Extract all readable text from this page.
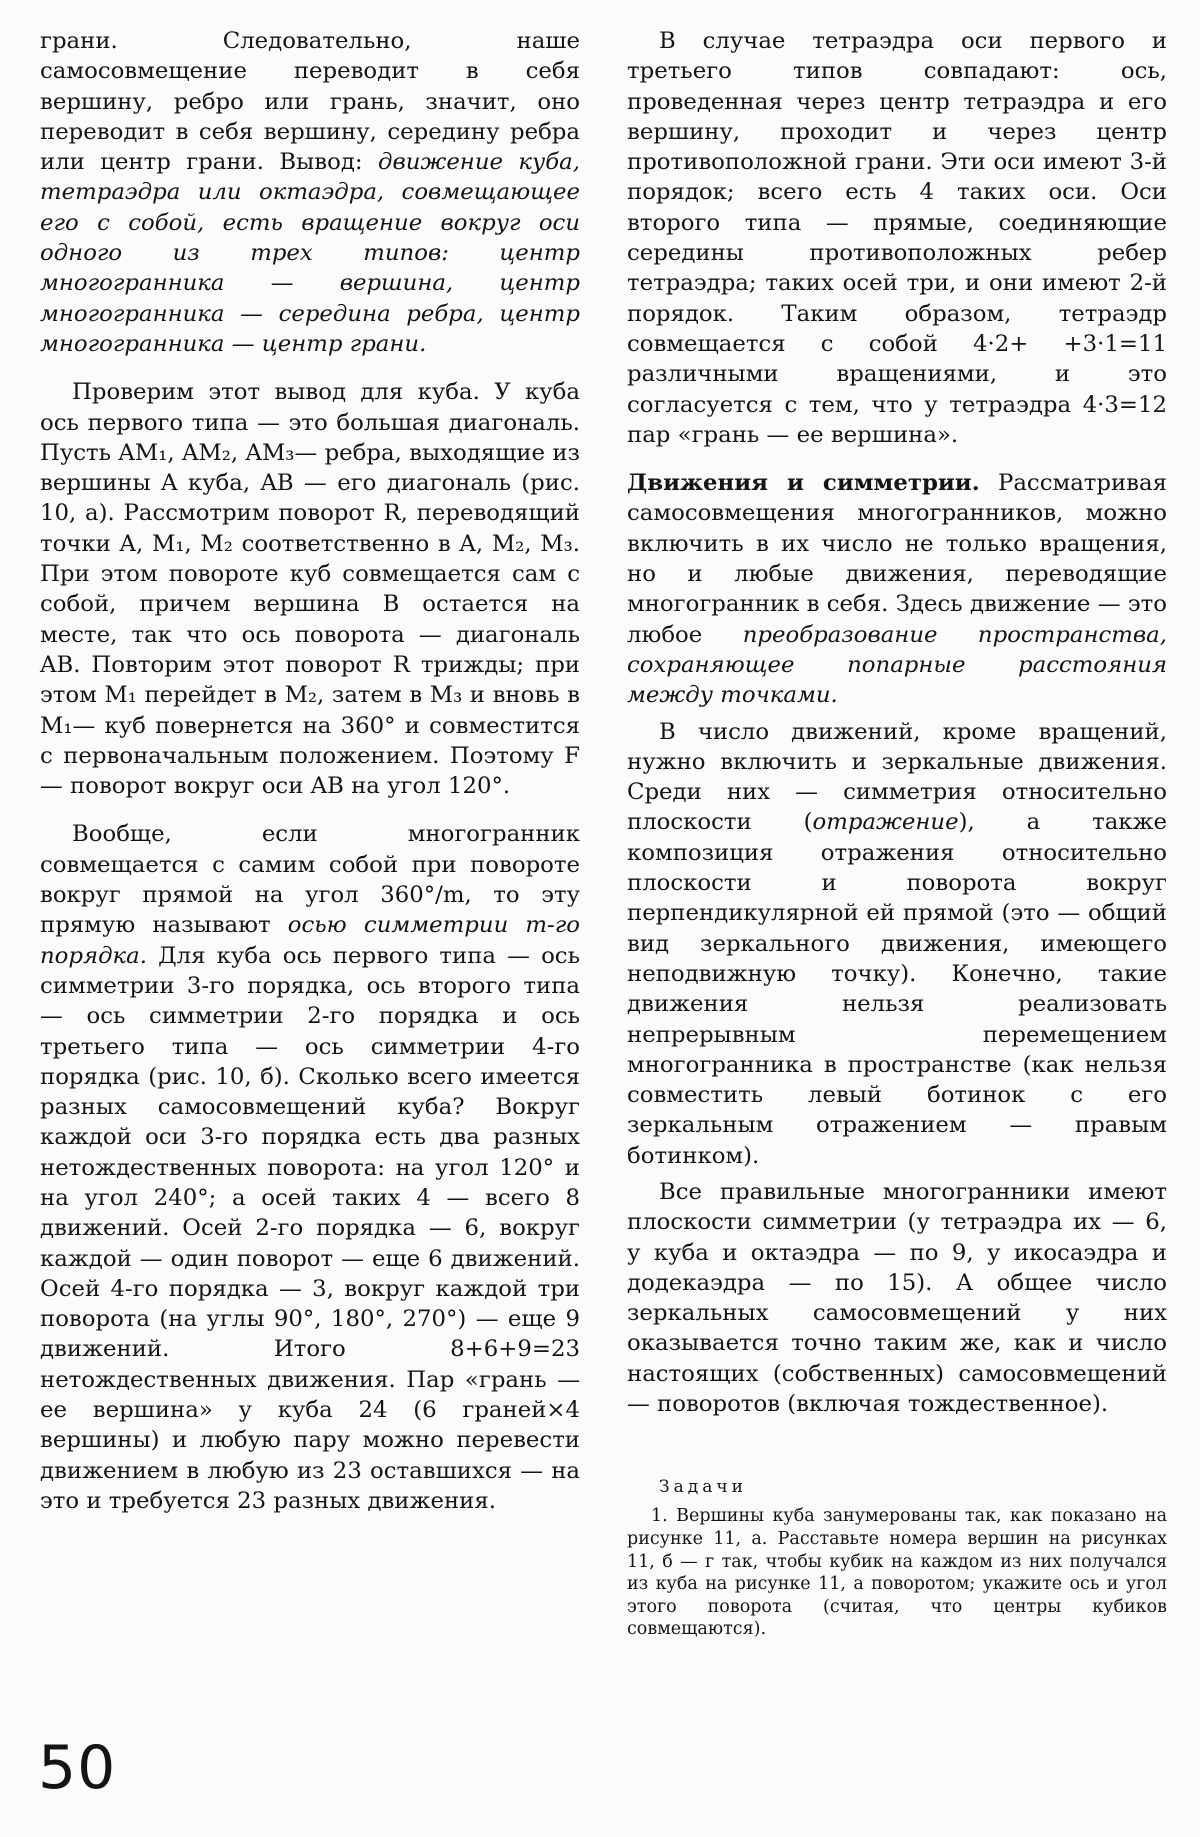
грани. Следовательно, наше самосовмещение переводит в себя вершину, ребро или грань, значит, оно переводит в себя вершину, середину ребра или центр грани. Вывод: движение куба, тетраэдра или октаэдра, совмещающее его с собой, есть вращение вокруг оси одного из трех типов: центр многогранника — вершина, центр многогранника — середина ребра, центр многогранника — центр грани.

Проверим этот вывод для куба. У куба ось первого типа — это большая диагональ. Пусть AM₁, AM₂, AM₃— ребра, выходящие из вершины A куба, AB — его диагональ (рис. 10, а). Рассмотрим поворот R, переводящий точки A, M₁, M₂ соответственно в A, M₂, M₃. При этом повороте куб совмещается сам с собой, причем вершина B остается на месте, так что ось поворота — диагональ AB. Повторим этот поворот R трижды; при этом M₁ перейдет в M₂, затем в M₃ и вновь в M₁— куб повернется на 360° и совместится с первоначальным положением. Поэтому F — поворот вокруг оси AB на угол 120°.

Вообще, если многогранник совмещается с самим собой при повороте вокруг прямой на угол 360°/m, то эту прямую называют осью симметрии m-го порядка. Для куба ось первого типа — ось симметрии 3-го порядка, ось второго типа — ось симметрии 2-го порядка и ось третьего типа — ось симметрии 4-го порядка (рис. 10, б). Сколько всего имеется разных самосовмещений куба? Вокруг каждой оси 3-го порядка есть два разных нетождественных поворота: на угол 120° и на угол 240°; а осей таких 4 — всего 8 движений. Осей 2-го порядка — 6, вокруг каждой — один поворот — еще 6 движений. Осей 4-го порядка — 3, вокруг каждой три поворота (на углы 90°, 180°, 270°) — еще 9 движений. Итого 8+6+9=23 нетождественных движения. Пар «грань — ее вершина» у куба 24 (6 граней×4 вершины) и любую пару можно перевести движением в любую из 23 оставшихся — на это и требуется 23 разных движения.

В случае тетраэдра оси первого и третьего типов совпадают: ось, проведенная через центр тетраэдра и его вершину, проходит и через центр противоположной грани. Эти оси имеют 3-й порядок; всего есть 4 таких оси. Оси второго типа — прямые, соединяющие середины противоположных ребер тетраэдра; таких осей три, и они имеют 2-й порядок. Таким образом, тетраэдр совмещается с собой 4·2+ +3·1=11 различными вращениями, и это согласуется с тем, что у тетраэдра 4·3=12 пар «грань — ее вершина».

Движения и симметрии. Рассматривая самосовмещения многогранников, можно включить в их число не только вращения, но и любые движения, переводящие многогранник в себя. Здесь движение — это любое преобразование пространства, сохраняющее попарные расстояния между точками.

В число движений, кроме вращений, нужно включить и зеркальные движения. Среди них — симметрия относительно плоскости (отражение), а также композиция отражения относительно плоскости и поворота вокруг перпендикулярной ей прямой (это — общий вид зеркального движения, имеющего неподвижную точку). Конечно, такие движения нельзя реализовать непрерывным перемещением многогранника в пространстве (как нельзя совместить левый ботинок с его зеркальным отражением — правым ботинком).

Все правильные многогранники имеют плоскости симметрии (у тетраэдра их — 6, у куба и октаэдра — по 9, у икосаэдра и додекаэдра — по 15). А общее число зеркальных самосовмещений у них оказывается точно таким же, как и число настоящих (собственных) самосовмещений— поворотов (включая тождественное).

Задачи

1. Вершины куба занумерованы так, как показано на рисунке 11, а. Расставьте номера вершин на рисунках 11, б — г так, чтобы кубик на каждом из них получался из куба на рисунке 11, а поворотом; укажите ось и угол этого поворота (считая, что центры кубиков совмещаются).

50
